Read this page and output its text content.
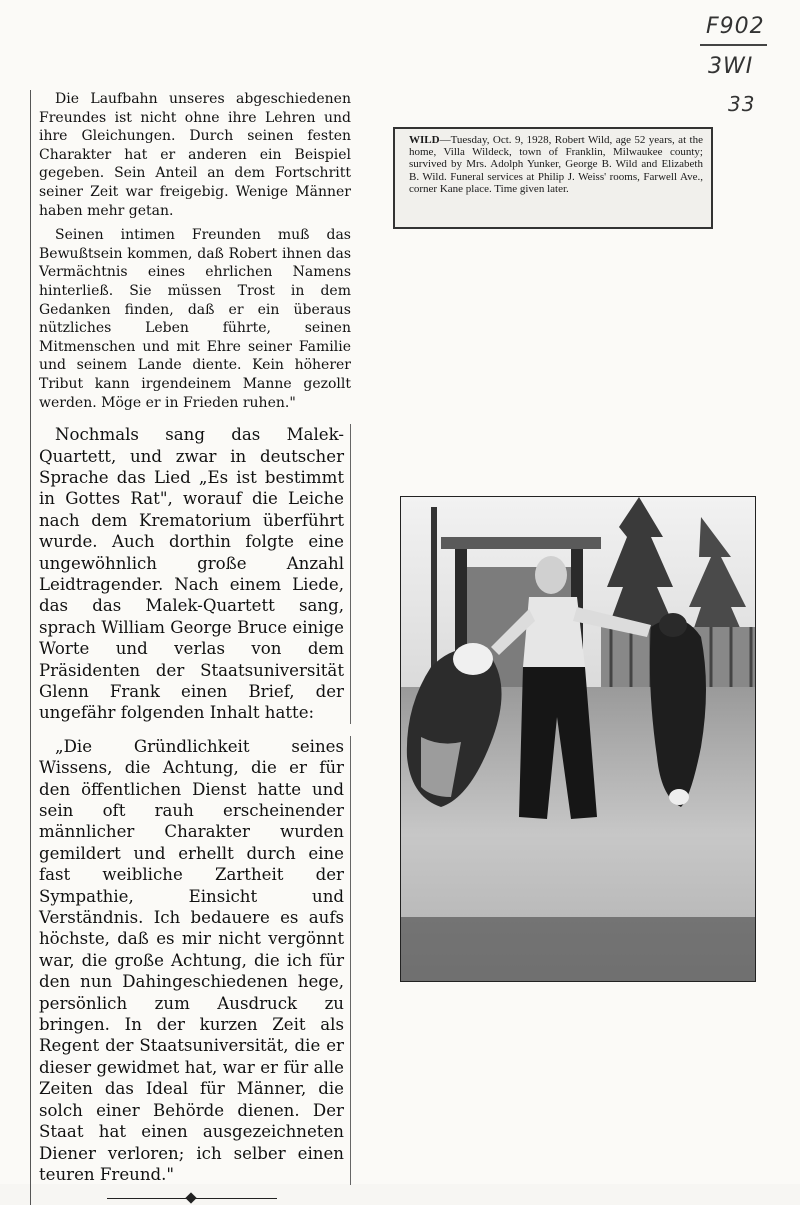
F902
3WI
33

Die Laufbahn unseres abgeschiedenen Freundes ist nicht ohne ihre Lehren und ihre Gleichungen. Durch seinen festen Charakter hat er anderen ein Beispiel gegeben. Sein Anteil an dem Fortschritt seiner Zeit war freigebig. Wenige Männer haben mehr getan.

Seinen intimen Freunden muß das Bewußtsein kommen, daß Robert ihnen das Vermächtnis eines ehrlichen Namens hinterließ. Sie müssen Trost in dem Gedanken finden, daß er ein überaus nützliches Leben führte, seinen Mitmenschen und mit Ehre seiner Familie und seinem Lande diente. Kein höherer Tribut kann irgendeinem Manne gezollt werden. Möge er in Frieden ruhen."

Nochmals sang das Malek-Quartett, und zwar in deutscher Sprache das Lied „Es ist bestimmt in Gottes Rat", worauf die Leiche nach dem Krematorium überführt wurde. Auch dorthin folgte eine ungewöhnlich große Anzahl Leidtragender. Nach einem Liede, das das Malek-Quartett sang, sprach William George Bruce einige Worte und verlas von dem Präsidenten der Staatsuniversität Glenn Frank einen Brief, der ungefähr folgenden Inhalt hatte:

„Die Gründlichkeit seines Wissens, die Achtung, die er für den öffentlichen Dienst hatte und sein oft rauh erscheinender männlicher Charakter wurden gemildert und erhellt durch eine fast weibliche Zartheit der Sympathie, Einsicht und Verständnis. Ich bedauere es aufs höchste, daß es mir nicht vergönnt war, die große Achtung, die ich für den nun Dahingeschiedenen hege, persönlich zum Ausdruck zu bringen. In der kurzen Zeit als Regent der Staatsuniversität, die er dieser gewidmet hat, war er für alle Zeiten das Ideal für Männer, die solch einer Behörde dienen. Der Staat hat einen ausgezeichneten Diener verloren; ich selber einen teuren Freund."

WILD—Tuesday, Oct. 9, 1928, Robert Wild, age 52 years, at the home, Villa Wildeck, town of Franklin, Milwaukee county; survived by Mrs. Adolph Yunker, George B. Wild and Elizabeth B. Wild. Funeral services at Philip J. Weiss' rooms, Farwell Ave., corner Kane place. Time given later.
